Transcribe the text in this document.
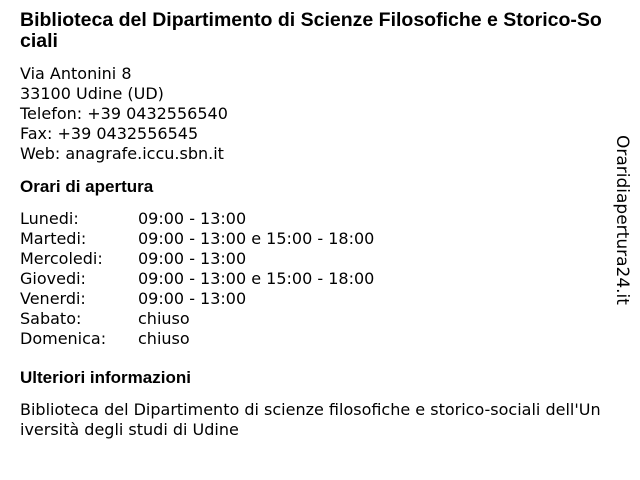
Biblioteca del Dipartimento di Scienze Filosofiche e Storico-Sociali
Via Antonini 8
33100 Udine (UD)
Telefon: +39 0432556540
Fax: +39 0432556545
Web: anagrafe.iccu.sbn.it
Orari di apertura
Lunedi:	09:00 - 13:00
Martedi:	09:00 - 13:00 e 15:00 - 18:00
Mercoledi:	09:00 - 13:00
Giovedi:	09:00 - 13:00 e 15:00 - 18:00
Venerdi:	09:00 - 13:00
Sabato:	chiuso
Domenica:	chiuso
Ulteriori informazioni
Biblioteca del Dipartimento di scienze filosofiche e storico-sociali dell'Università degli studi di Udine
Oraridiapertura24.it
